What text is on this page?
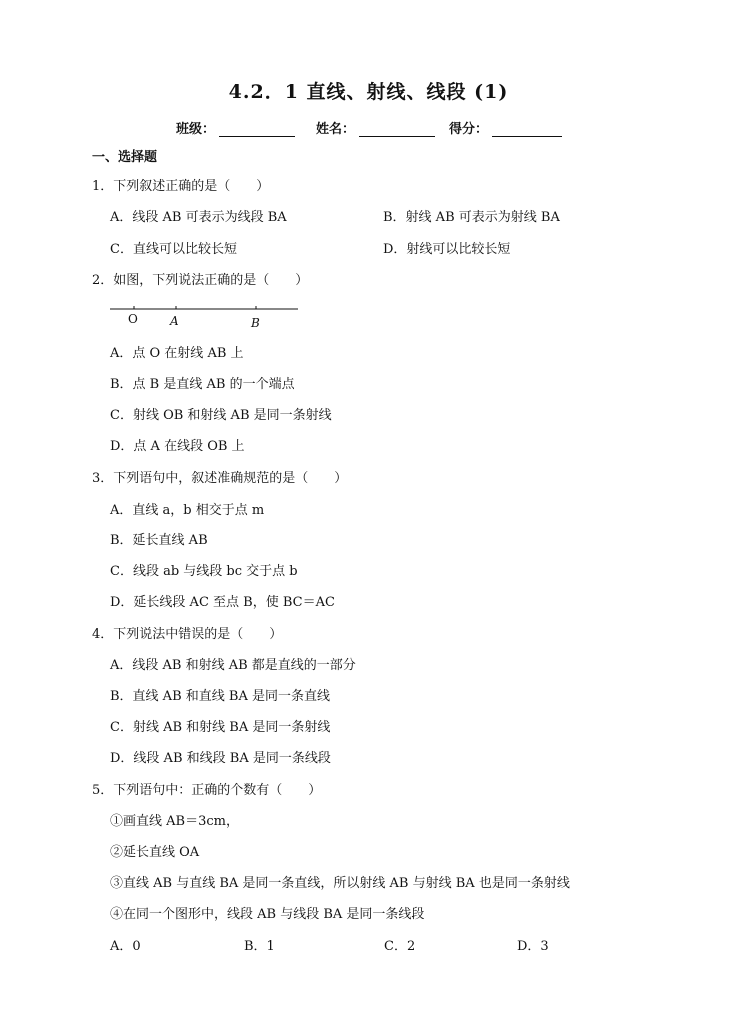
4.2．1 直线、射线、线段 (1)
班级：	姓名：	得分：
一、选择题
1．下列叙述正确的是（　　）
A．线段 AB 可表示为线段 BA	B．射线 AB 可表示为射线 BA
C．直线可以比较长短	D．射线可以比较长短
2．如图，下列说法正确的是（　　）
O	A	B
A．点 O 在射线 AB 上
B．点 B 是直线 AB 的一个端点
C．射线 OB 和射线 AB 是同一条射线
D．点 A 在线段 OB 上
3．下列语句中，叙述准确规范的是（　　）
A．直线 a，b 相交于点 m
B．延长直线 AB
C．线段 ab 与线段 bc 交于点 b
D．延长线段 AC 至点 B，使 BC＝AC
4．下列说法中错误的是（　　）
A．线段 AB 和射线 AB 都是直线的一部分
B．直线 AB 和直线 BA 是同一条直线
C．射线 AB 和射线 BA 是同一条射线
D．线段 AB 和线段 BA 是同一条线段
5．下列语句中：正确的个数有（　　）
①画直线 AB＝3cm，
②延长直线 OA
③直线 AB 与直线 BA 是同一条直线，所以射线 AB 与射线 BA 也是同一条射线
④在同一个图形中，线段 AB 与线段 BA 是同一条线段
A．0	B．1	C．2	D．3
